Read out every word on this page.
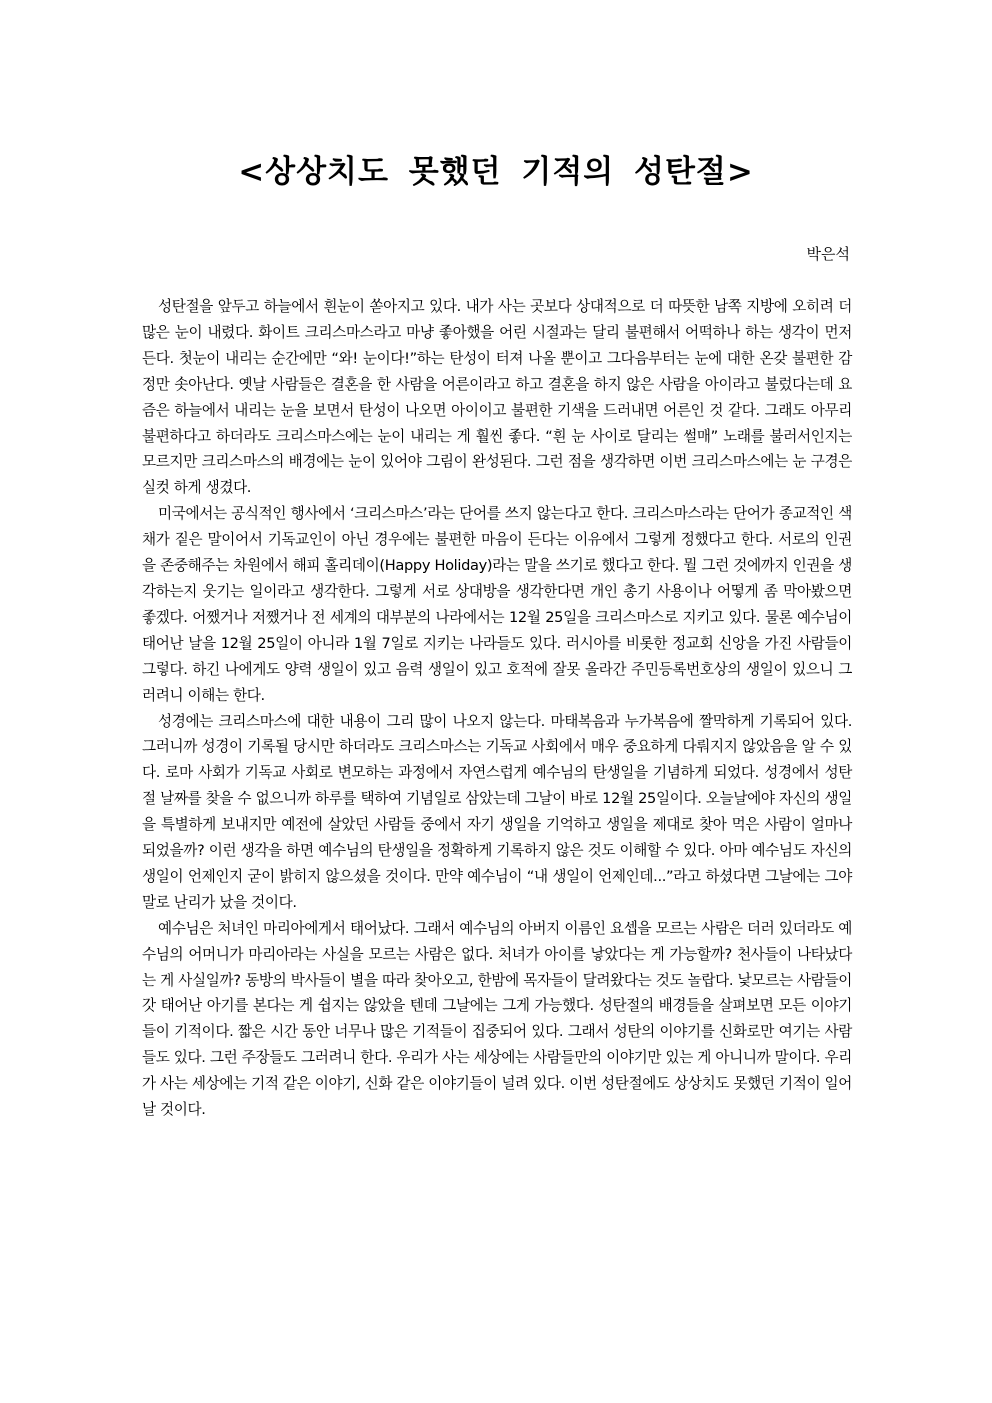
<상상치도 못했던 기적의 성탄절>

박은석

성탄절을 앞두고 하늘에서 흰눈이 쏟아지고 있다. 내가 사는 곳보다 상대적으로 더 따뜻한 남쪽 지방에 오히려 더 많은 눈이 내렸다. 화이트 크리스마스라고 마냥 좋아했을 어린 시절과는 달리 불편해서 어떡하나 하는 생각이 먼저 든다. 첫눈이 내리는 순간에만 “와! 눈이다!”하는 탄성이 터져 나올 뿐이고 그다음부터는 눈에 대한 온갖 불편한 감정만 솟아난다. 옛날 사람들은 결혼을 한 사람을 어른이라고 하고 결혼을 하지 않은 사람을 아이라고 불렀다는데 요즘은 하늘에서 내리는 눈을 보면서 탄성이 나오면 아이이고 불편한 기색을 드러내면 어른인 것 같다. 그래도 아무리 불편하다고 하더라도 크리스마스에는 눈이 내리는 게 훨씬 좋다. “흰 눈 사이로 달리는 썰매” 노래를 불러서인지는 모르지만 크리스마스의 배경에는 눈이 있어야 그림이 완성된다. 그런 점을 생각하면 이번 크리스마스에는 눈 구경은 실컷 하게 생겼다.

미국에서는 공식적인 행사에서 ‘크리스마스’라는 단어를 쓰지 않는다고 한다. 크리스마스라는 단어가 종교적인 색채가 짙은 말이어서 기독교인이 아닌 경우에는 불편한 마음이 든다는 이유에서 그렇게 정했다고 한다. 서로의 인권을 존중해주는 차원에서 해피 홀리데이(Happy Holiday)라는 말을 쓰기로 했다고 한다. 뭘 그런 것에까지 인권을 생각하는지 웃기는 일이라고 생각한다. 그렇게 서로 상대방을 생각한다면 개인 총기 사용이나 어떻게 좀 막아봤으면 좋겠다. 어쨌거나 저쨌거나 전 세계의 대부분의 나라에서는 12월 25일을 크리스마스로 지키고 있다. 물론 예수님이 태어난 날을 12월 25일이 아니라 1월 7일로 지키는 나라들도 있다. 러시아를 비롯한 정교회 신앙을 가진 사람들이 그렇다. 하긴 나에게도 양력 생일이 있고 음력 생일이 있고 호적에 잘못 올라간 주민등록번호상의 생일이 있으니 그러려니 이해는 한다.

성경에는 크리스마스에 대한 내용이 그리 많이 나오지 않는다. 마태복음과 누가복음에 짤막하게 기록되어 있다. 그러니까 성경이 기록될 당시만 하더라도 크리스마스는 기독교 사회에서 매우 중요하게 다뤄지지 않았음을 알 수 있다. 로마 사회가 기독교 사회로 변모하는 과정에서 자연스럽게 예수님의 탄생일을 기념하게 되었다. 성경에서 성탄절 날짜를 찾을 수 없으니까 하루를 택하여 기념일로 삼았는데 그날이 바로 12월 25일이다. 오늘날에야 자신의 생일을 특별하게 보내지만 예전에 살았던 사람들 중에서 자기 생일을 기억하고 생일을 제대로 찾아 먹은 사람이 얼마나 되었을까? 이런 생각을 하면 예수님의 탄생일을 정확하게 기록하지 않은 것도 이해할 수 있다. 아마 예수님도 자신의 생일이 언제인지 굳이 밝히지 않으셨을 것이다. 만약 예수님이 “내 생일이 언제인데...”라고 하셨다면 그날에는 그야말로 난리가 났을 것이다.

예수님은 처녀인 마리아에게서 태어났다. 그래서 예수님의 아버지 이름인 요셉을 모르는 사람은 더러 있더라도 예수님의 어머니가 마리아라는 사실을 모르는 사람은 없다. 처녀가 아이를 낳았다는 게 가능할까? 천사들이 나타났다는 게 사실일까? 동방의 박사들이 별을 따라 찾아오고, 한밤에 목자들이 달려왔다는 것도 놀랍다. 낯모르는 사람들이 갓 태어난 아기를 본다는 게 쉽지는 않았을 텐데 그날에는 그게 가능했다. 성탄절의 배경들을 살펴보면 모든 이야기들이 기적이다. 짧은 시간 동안 너무나 많은 기적들이 집중되어 있다. 그래서 성탄의 이야기를 신화로만 여기는 사람들도 있다. 그런 주장들도 그러려니 한다. 우리가 사는 세상에는 사람들만의 이야기만 있는 게 아니니까 말이다. 우리가 사는 세상에는 기적 같은 이야기, 신화 같은 이야기들이 널려 있다. 이번 성탄절에도 상상치도 못했던 기적이 일어날 것이다.
